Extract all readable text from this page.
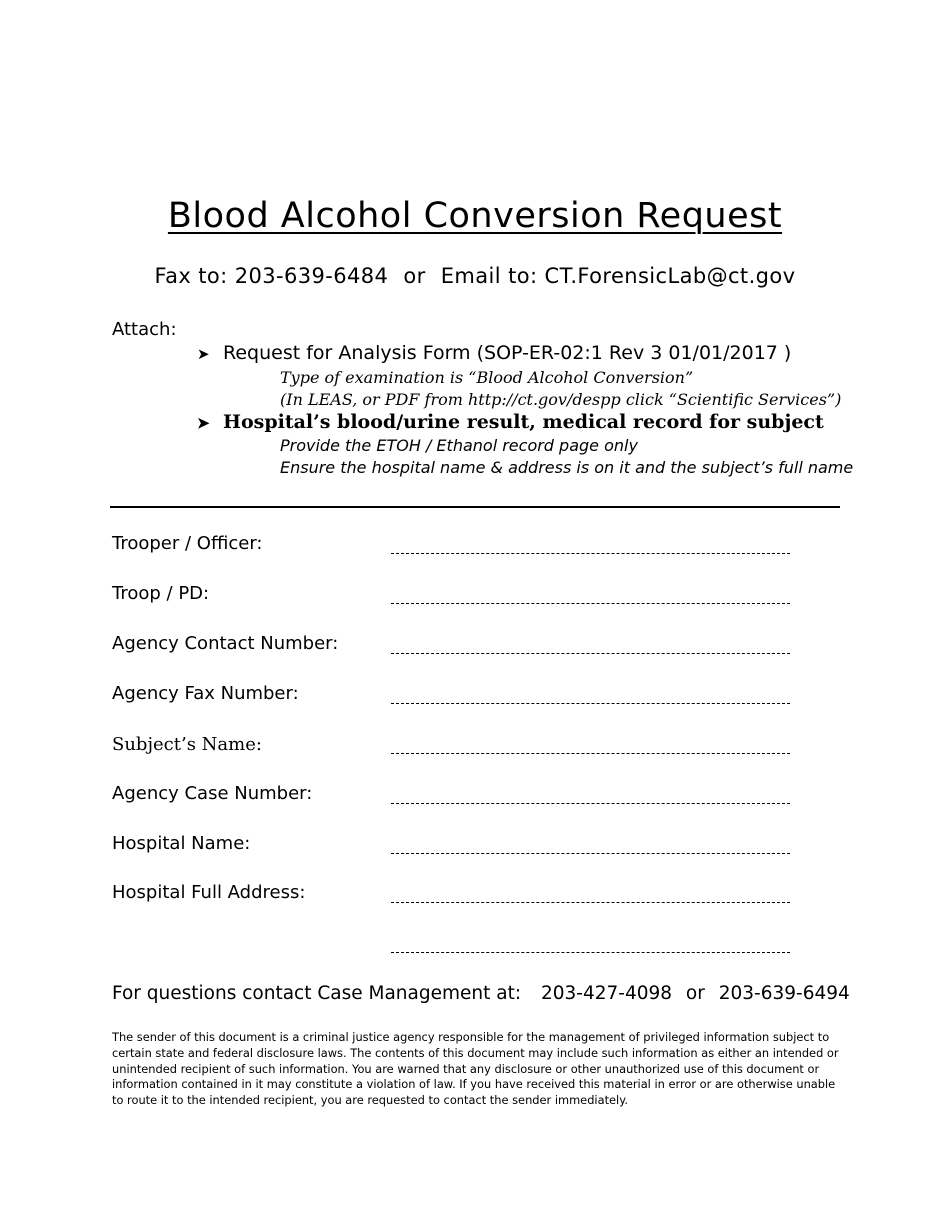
Blood Alcohol Conversion Request
Fax to: 203-639-6484 or Email to: CT.ForensicLab@ct.gov
Attach:
➤ Request for Analysis Form (SOP-ER-02:1 Rev 3 01/01/2017 )
Type of examination is “Blood Alcohol Conversion”
(In LEAS, or PDF from http://ct.gov/despp click “Scientific Services”)
➤ Hospital’s blood/urine result, medical record for subject
Provide the ETOH / Ethanol record page only
Ensure the hospital name & address is on it and the subject’s full name
Trooper / Officer:
Troop / PD:
Agency Contact Number:
Agency Fax Number:
Subject’s Name:
Agency Case Number:
Hospital Name:
Hospital Full Address:
For questions contact Case Management at: 203-427-4098 or 203-639-6494
The sender of this document is a criminal justice agency responsible for the management of privileged information subject to certain state and federal disclosure laws. The contents of this document may include such information as either an intended or unintended recipient of such information. You are warned that any disclosure or other unauthorized use of this document or information contained in it may constitute a violation of law. If you have received this material in error or are otherwise unable to route it to the intended recipient, you are requested to contact the sender immediately.
